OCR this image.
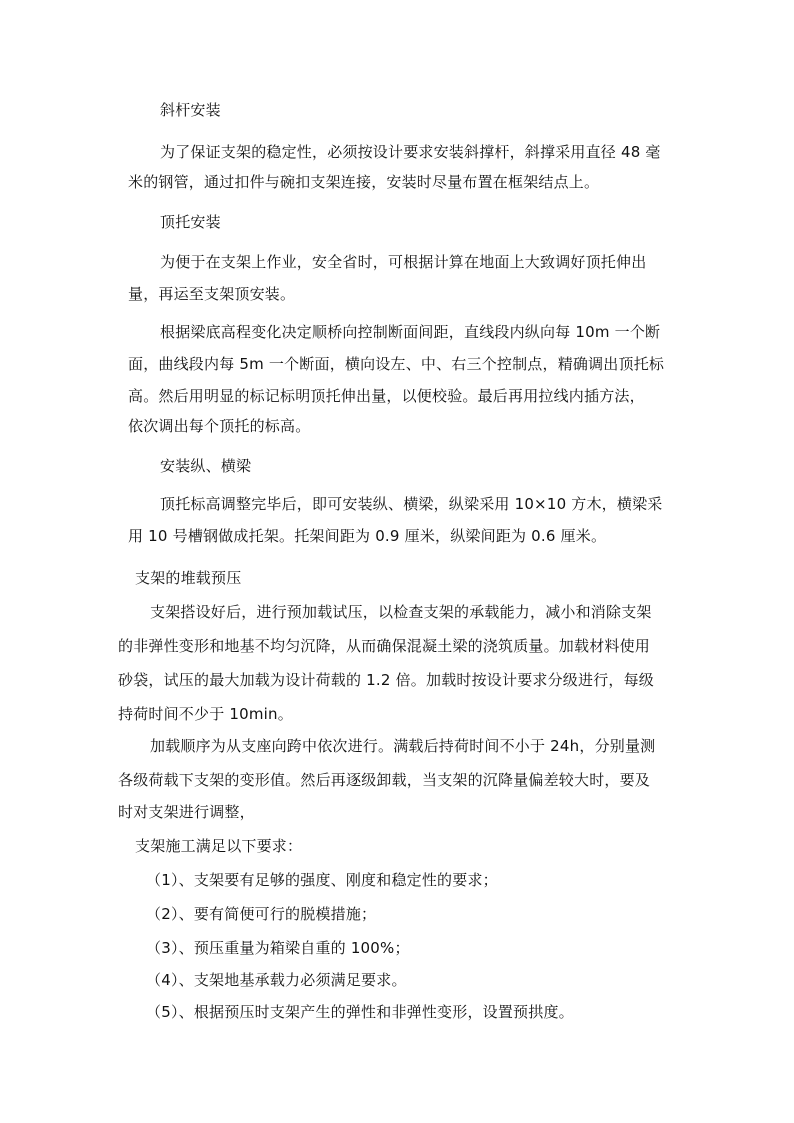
斜杆安装
为了保证支架的稳定性，必须按设计要求安装斜撑杆，斜撑采用直径 48 毫
米的钢管，通过扣件与碗扣支架连接，安装时尽量布置在框架结点上。
顶托安装
为便于在支架上作业，安全省时，可根据计算在地面上大致调好顶托伸出
量，再运至支架顶安装。
根据梁底高程变化决定顺桥向控制断面间距，直线段内纵向每 10m 一个断
面，曲线段内每 5m 一个断面，横向设左、中、右三个控制点，精确调出顶托标
高。然后用明显的标记标明顶托伸出量，以便校验。最后再用拉线内插方法，
依次调出每个顶托的标高。
安装纵、横梁
顶托标高调整完毕后，即可安装纵、横梁，纵梁采用 10×10 方木，横梁采
用 10 号槽钢做成托架。托架间距为 0.9 厘米，纵梁间距为 0.6 厘米。
支架的堆载预压
支架搭设好后，进行预加载试压，以检查支架的承载能力，减小和消除支架
的非弹性变形和地基不均匀沉降，从而确保混凝土梁的浇筑质量。加载材料使用
砂袋，试压的最大加载为设计荷载的 1.2 倍。加载时按设计要求分级进行，每级
持荷时间不少于 10min。
加载顺序为从支座向跨中依次进行。满载后持荷时间不小于 24h，分别量测
各级荷载下支架的变形值。然后再逐级卸载，当支架的沉降量偏差较大时，要及
时对支架进行调整，
支架施工满足以下要求：
（1）、支架要有足够的强度、刚度和稳定性的要求；
（2）、要有简便可行的脱模措施；
（3）、预压重量为箱梁自重的 100%；
（4）、支架地基承载力必须满足要求。
（5）、根据预压时支架产生的弹性和非弹性变形，设置预拱度。
